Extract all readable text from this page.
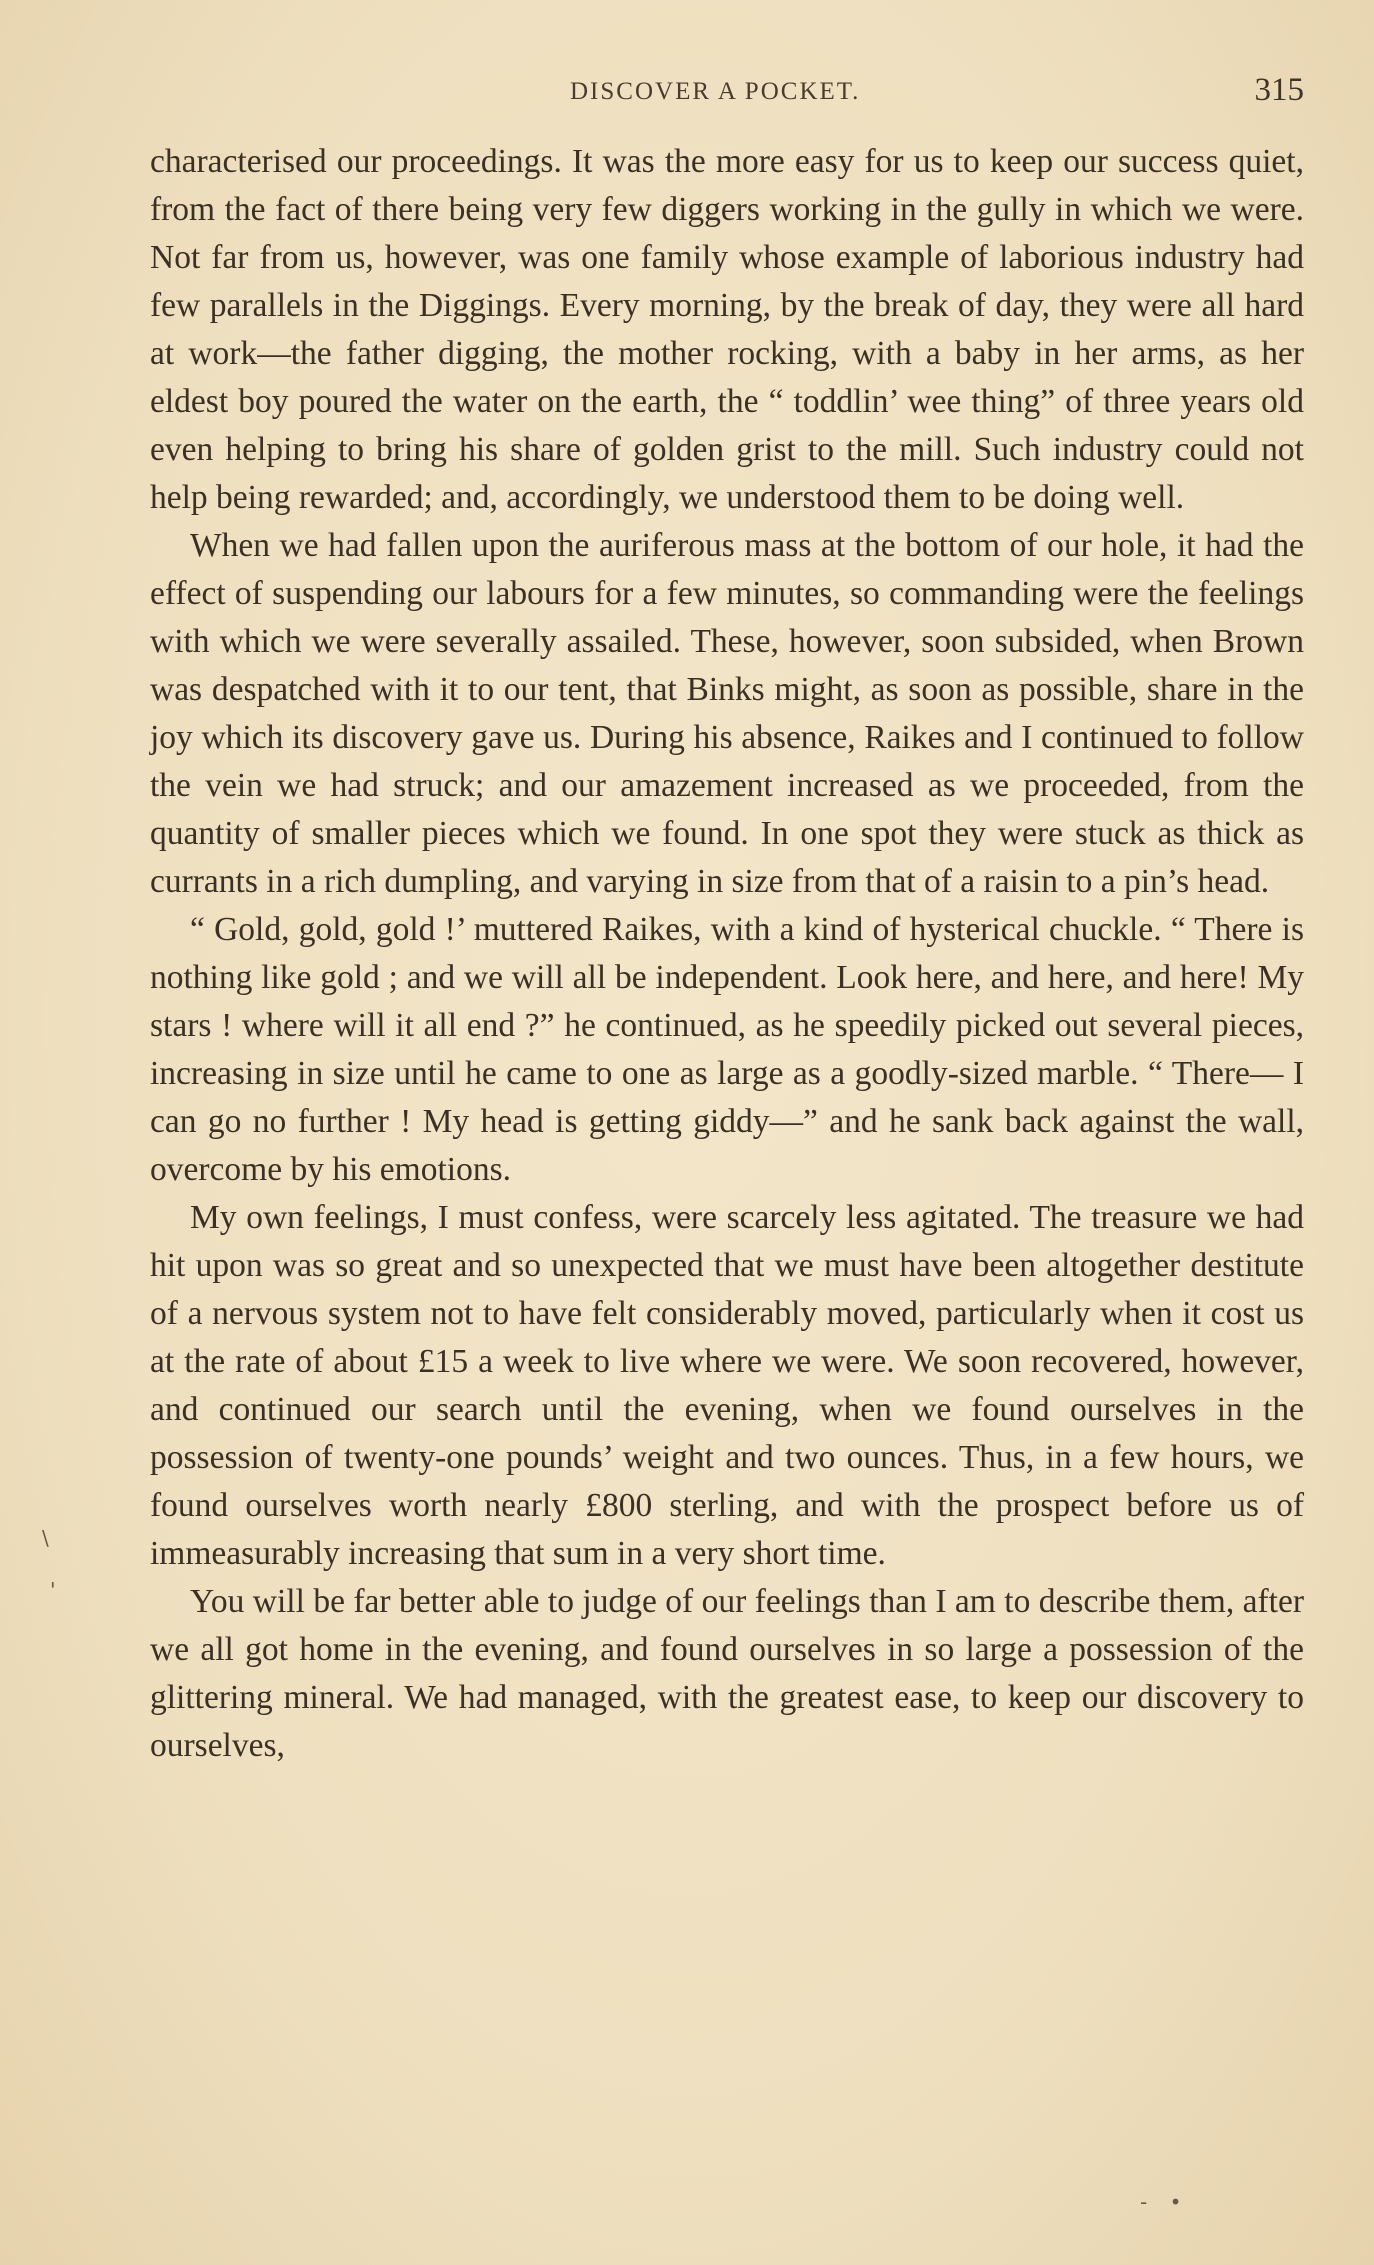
DISCOVER A POCKET.	315

characterised our proceedings. It was the more easy for us to keep our success quiet, from the fact of there being very few diggers working in the gully in which we were. Not far from us, however, was one family whose example of laborious industry had few parallels in the Diggings. Every morning, by the break of day, they were all hard at work—the father digging, the mother rocking, with a baby in her arms, as her eldest boy poured the water on the earth, the “ toddlin’ wee thing” of three years old even helping to bring his share of golden grist to the mill. Such industry could not help being rewarded; and, accordingly, we understood them to be doing well.

When we had fallen upon the auriferous mass at the bottom of our hole, it had the effect of suspending our labours for a few minutes, so commanding were the feelings with which we were severally assailed. These, however, soon subsided, when Brown was despatched with it to our tent, that Binks might, as soon as possible, share in the joy which its discovery gave us. During his absence, Raikes and I continued to follow the vein we had struck; and our amazement increased as we proceeded, from the quantity of smaller pieces which we found. In one spot they were stuck as thick as currants in a rich dumpling, and varying in size from that of a raisin to a pin’s head.

“ Gold, gold, gold !’ muttered Raikes, with a kind of hysterical chuckle. “ There is nothing like gold ; and we will all be independent. Look here, and here, and here! My stars ! where will it all end ?” he continued, as he speedily picked out several pieces, increasing in size until he came to one as large as a goodly-sized marble. “ There— I can go no further ! My head is getting giddy—” and he sank back against the wall, overcome by his emotions.

My own feelings, I must confess, were scarcely less agitated. The treasure we had hit upon was so great and so unexpected that we must have been altogether destitute of a nervous system not to have felt considerably moved, particularly when it cost us at the rate of about £15 a week to live where we were. We soon recovered, however, and continued our search until the evening, when we found ourselves in the possession of twenty-one pounds’ weight and two ounces. Thus, in a few hours, we found ourselves worth nearly £800 sterling, and with the prospect before us of immeasurably increasing that sum in a very short time.

You will be far better able to judge of our feelings than I am to describe them, after we all got home in the evening, and found ourselves in so large a possession of the glittering mineral. We had managed, with the greatest ease, to keep our discovery to ourselves,

\
'
- •
